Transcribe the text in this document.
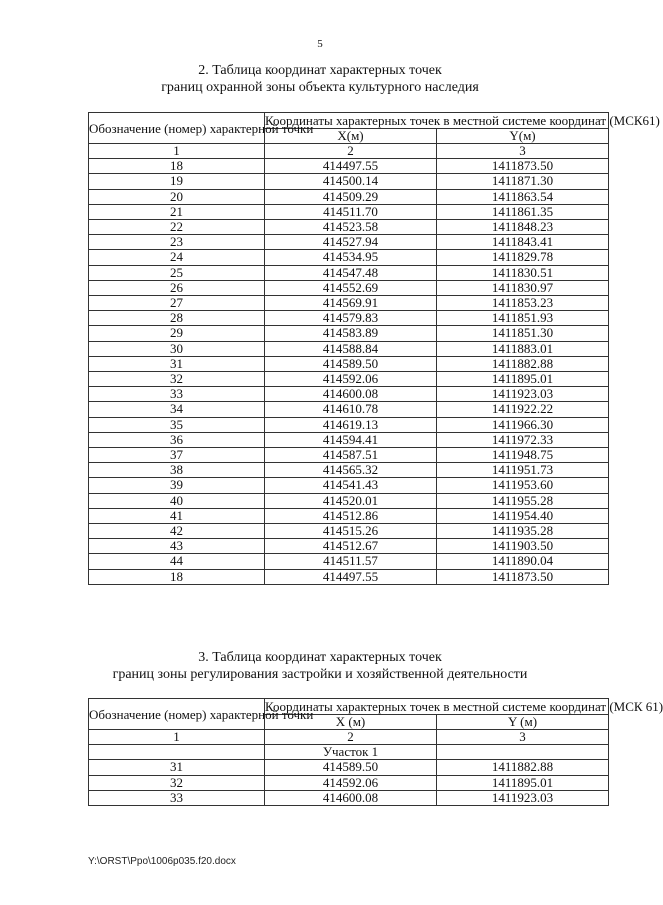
5
2. Таблица координат характерных точек
границ охранной зоны объекта культурного наследия
Обозначение (номер) характерной точки	Координаты характерных точек в местной системе координат (МСК61)	
	X(м)	Y(м)
1	2	3
18	414497.55	1411873.50
19	414500.14	1411871.30
20	414509.29	1411863.54
21	414511.70	1411861.35
22	414523.58	1411848.23
23	414527.94	1411843.41
24	414534.95	1411829.78
25	414547.48	1411830.51
26	414552.69	1411830.97
27	414569.91	1411853.23
28	414579.83	1411851.93
29	414583.89	1411851.30
30	414588.84	1411883.01
31	414589.50	1411882.88
32	414592.06	1411895.01
33	414600.08	1411923.03
34	414610.78	1411922.22
35	414619.13	1411966.30
36	414594.41	1411972.33
37	414587.51	1411948.75
38	414565.32	1411951.73
39	414541.43	1411953.60
40	414520.01	1411955.28
41	414512.86	1411954.40
42	414515.26	1411935.28
43	414512.67	1411903.50
44	414511.57	1411890.04
18	414497.55	1411873.50
3. Таблица координат характерных точек
границ зоны регулирования застройки и хозяйственной деятельности
Обозначение (номер) характерной точки	Координаты характерных точек в местной системе координат (МСК 61)	
	X (м)	Y (м)
1	2	3
	Участок 1	
31	414589.50	1411882.88
32	414592.06	1411895.01
33	414600.08	1411923.03
Y:\ORST\Ppo\1006p035.f20.docx
